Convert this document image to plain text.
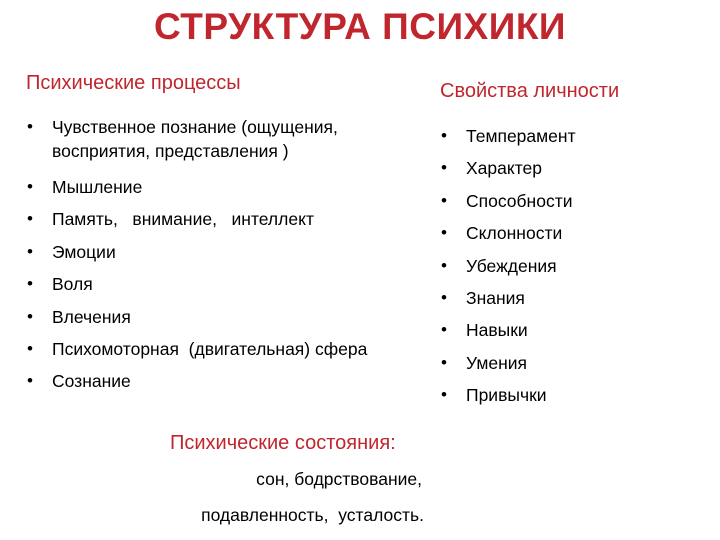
СТРУКТУРА ПСИХИКИ
Психические процессы
• Чувственное познание (ощущения,
восприятия, представления )
• Мышление
• Память,   внимание,   интеллект
• Эмоции
• Воля
• Влечения
• Психомоторная  (двигательная) сфера
• Сознание
Свойства личности
• Темперамент
• Характер
• Способности
• Склонности
• Убеждения
• Знания
• Навыки
• Умения
• Привычки
Психические состояния:
сон, бодрствование,
подавленность,  усталость.
